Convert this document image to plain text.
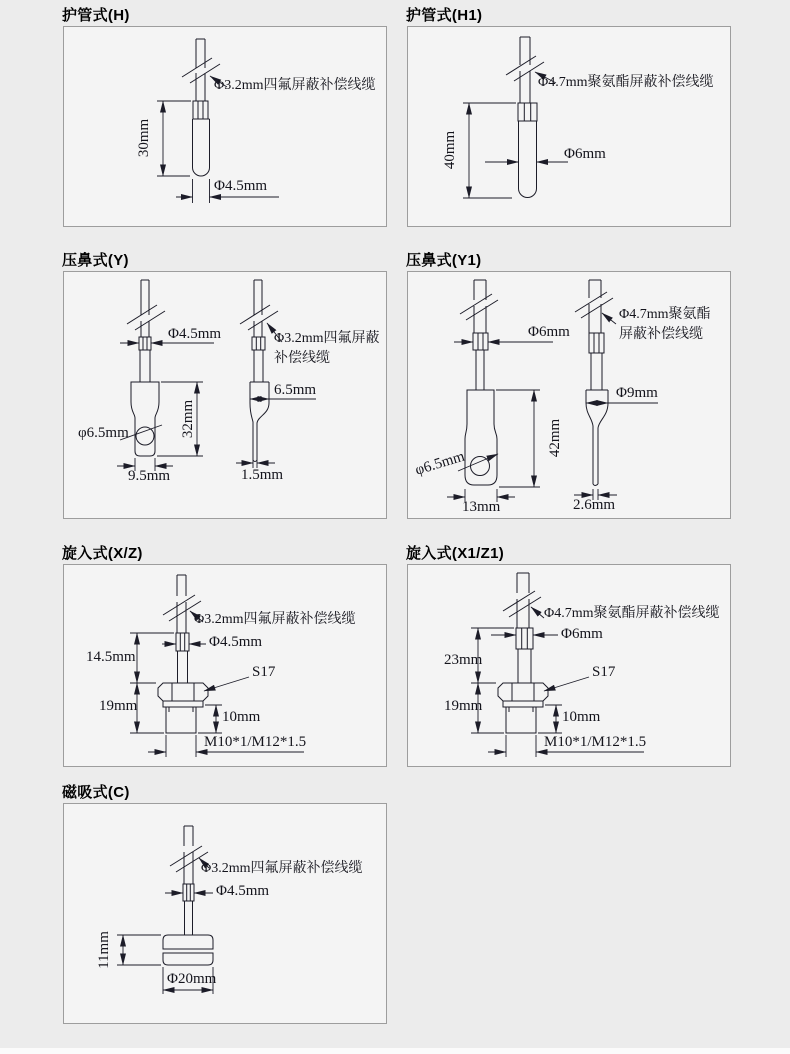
护管式(H)
Φ3.2mm四氟屏蔽补偿线缆
30mm
Φ4.5mm
护管式(H1)
Φ4.7mm聚氨酯屏蔽补偿线缆
40mm	Φ6mm
压鼻式(Y)
Φ4.5mm	Φ3.2mm四氟屏蔽
补偿线缆
32mm
φ6.5mm
9.5mm
6.5mm
1.5mm
压鼻式(Y1)
Φ6mm
Φ4.7mm聚氨酯
屏蔽补偿线缆
42mm
φ6.5mm
13mm
Φ9mm
2.6mm
旋入式(X/Z)
Φ3.2mm四氟屏蔽补偿线缆
Φ4.5mm
14.5mm
S17
19mm
10mm
M10*1/M12*1.5
旋入式(X1/Z1)
Φ4.7mm聚氨酯屏蔽补偿线缆
Φ6mm
23mm
S17
19mm
10mm
M10*1/M12*1.5
磁吸式(C)
Φ3.2mm四氟屏蔽补偿线缆
Φ4.5mm
11mm
Φ20mm
